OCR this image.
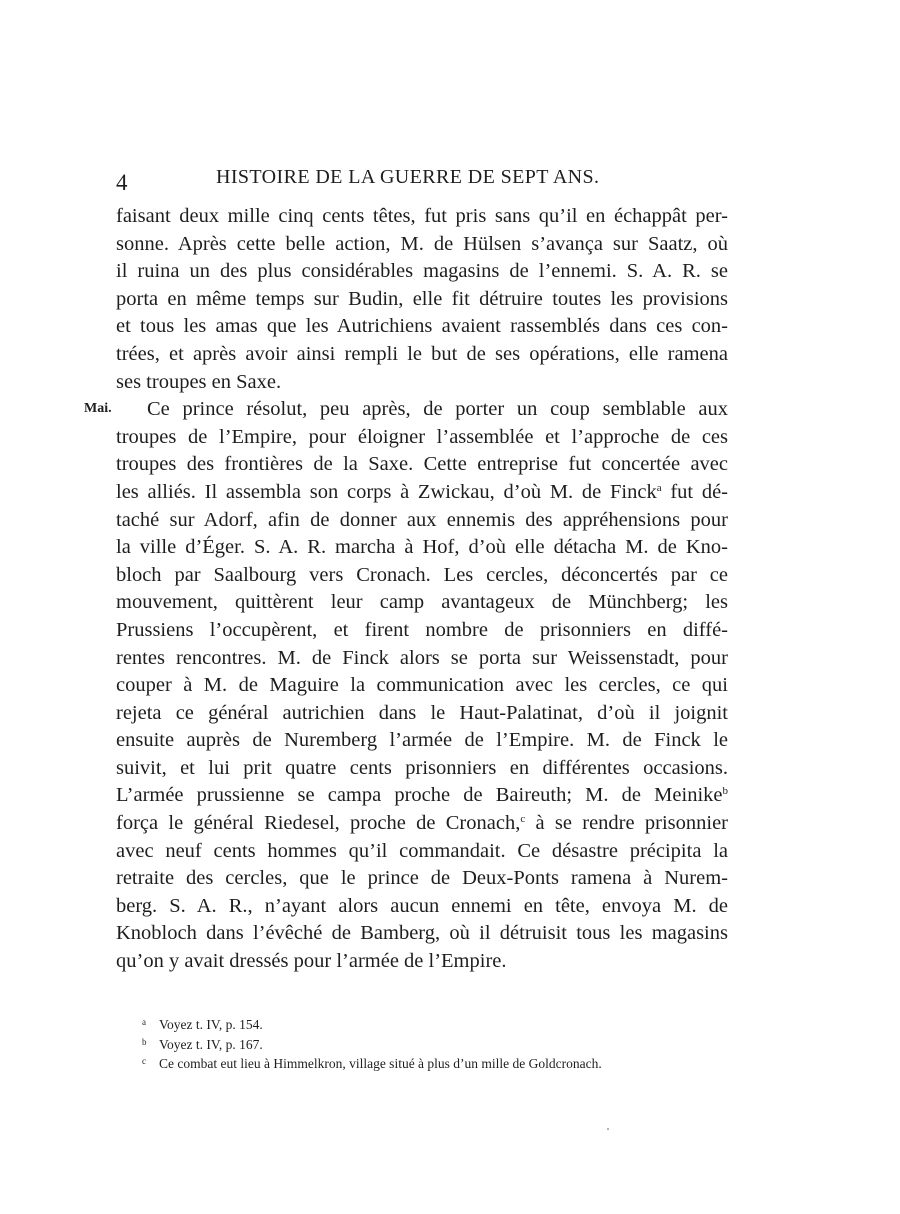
4	HISTOIRE DE LA GUERRE DE SEPT ANS.
Mai.
faisant deux mille cinq cents têtes, fut pris sans qu’il en échappât per-
sonne. Après cette belle action, M. de Hülsen s’avança sur Saatz, où
il ruina un des plus considérables magasins de l’ennemi. S. A. R. se
porta en même temps sur Budin, elle fit détruire toutes les provisions
et tous les amas que les Autrichiens avaient rassemblés dans ces con-
trées, et après avoir ainsi rempli le but de ses opérations, elle ramena
ses troupes en Saxe.
Ce prince résolut, peu après, de porter un coup semblable aux
troupes de l’Empire, pour éloigner l’assemblée et l’approche de ces
troupes des frontières de la Saxe. Cette entreprise fut concertée avec
les alliés. Il assembla son corps à Zwickau, d’où M. de Finck$^a$ fut dé-
taché sur Adorf, afin de donner aux ennemis des appréhensions pour
la ville d’Éger. S. A. R. marcha à Hof, d’où elle détacha M. de Kno-
bloch par Saalbourg vers Cronach. Les cercles, déconcertés par ce
mouvement, quittèrent leur camp avantageux de Münchberg; les
Prussiens l’occupèrent, et firent nombre de prisonniers en diffé-
rentes rencontres. M. de Finck alors se porta sur Weissenstadt, pour
couper à M. de Maguire la communication avec les cercles, ce qui
rejeta ce général autrichien dans le Haut-Palatinat, d’où il joignit
ensuite auprès de Nuremberg l’armée de l’Empire. M. de Finck le
suivit, et lui prit quatre cents prisonniers en différentes occasions.
L’armée prussienne se campa proche de Baireuth; M. de Meinike$^b$
força le général Riedesel, proche de Cronach,$^c$ à se rendre prisonnier
avec neuf cents hommes qu’il commandait. Ce désastre précipita la
retraite des cercles, que le prince de Deux-Ponts ramena à Nurem-
berg. S. A. R., n’ayant alors aucun ennemi en tête, envoya M. de
Knobloch dans l’évêché de Bamberg, où il détruisit tous les magasins
qu’on y avait dressés pour l’armée de l’Empire.
a Voyez t. IV, p. 154.
b Voyez t. IV, p. 167.
c Ce combat eut lieu à Himmelkron, village situé à plus d’un mille de Goldcronach.
